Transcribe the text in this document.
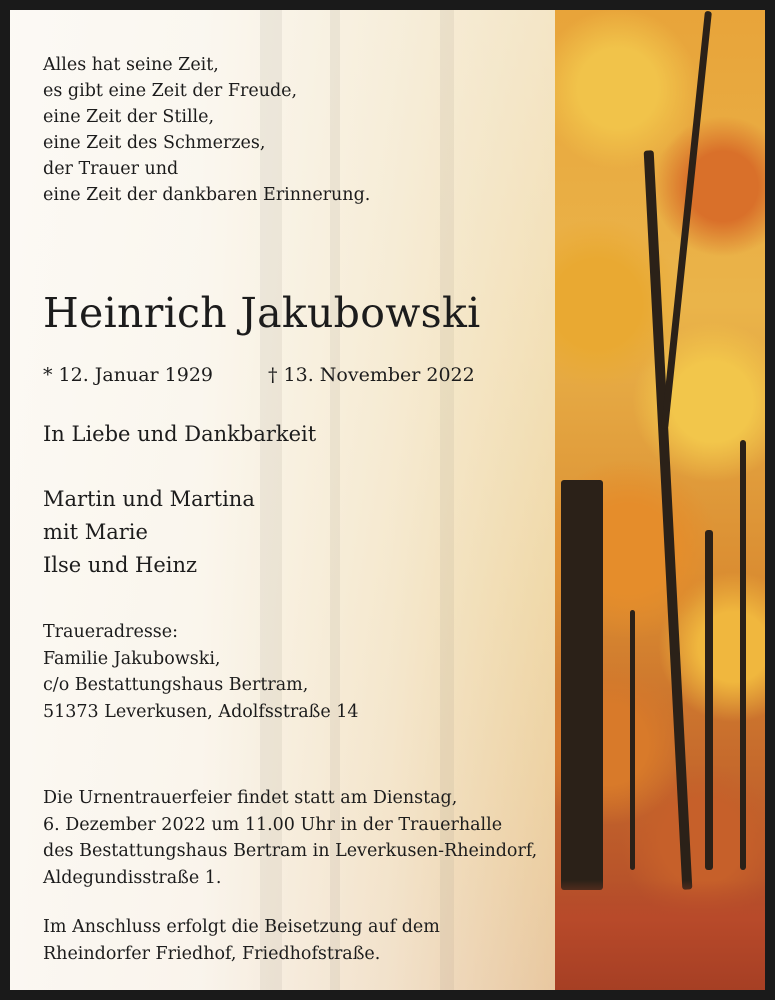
Alles hat seine Zeit,
es gibt eine Zeit der Freude,
eine Zeit der Stille,
eine Zeit des Schmerzes,
der Trauer und
eine Zeit der dankbaren Erinnerung.
Heinrich Jakubowski
* 12. Januar 1929	† 13. November 2022
In Liebe und Dankbarkeit
Martin und Martina
mit Marie
Ilse und Heinz
Traueradresse:
Familie Jakubowski,
c/o Bestattungshaus Bertram,
51373 Leverkusen, Adolfsstraße 14
Die Urnentrauerfeier findet statt am Dienstag,
6. Dezember 2022 um 11.00 Uhr in der Trauerhalle
des Bestattungshaus Bertram in Leverkusen-Rheindorf,
Aldegundisstraße 1.
Im Anschluss erfolgt die Beisetzung auf dem
Rheindorfer Friedhof, Friedhofstraße.
